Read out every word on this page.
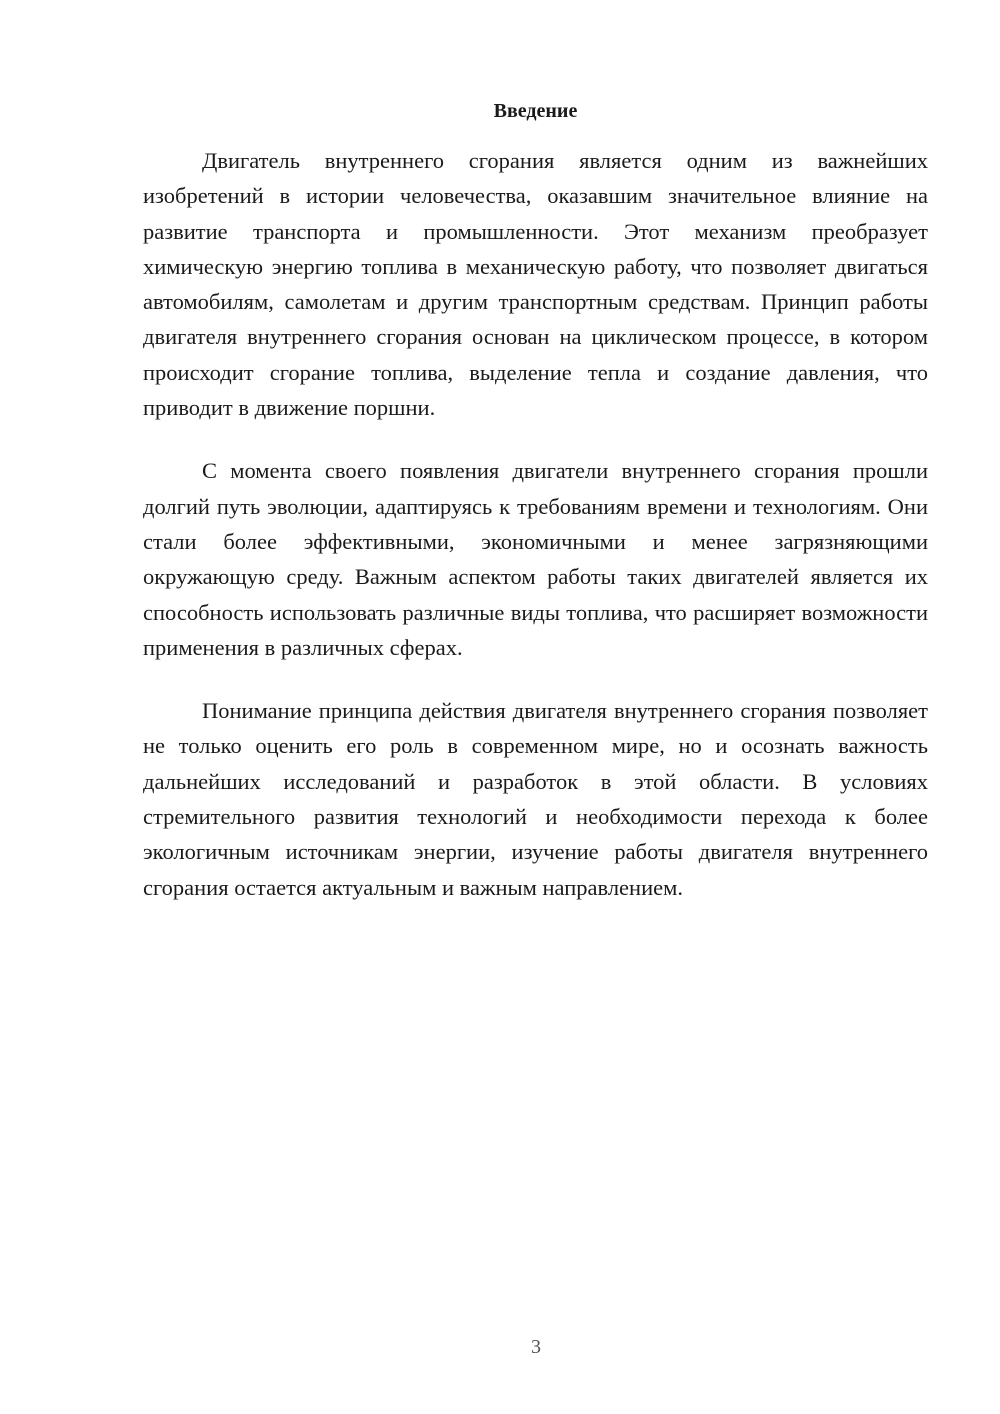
Введение

Двигатель внутреннего сгорания является одним из важнейших изобретений в истории человечества, оказавшим значительное влияние на развитие транспорта и промышленности. Этот механизм преобразует химическую энергию топлива в механическую работу, что позволяет двигаться автомобилям, самолетам и другим транспортным средствам. Принцип работы двигателя внутреннего сгорания основан на циклическом процессе, в котором происходит сгорание топлива, выделение тепла и создание давления, что приводит в движение поршни.

С момента своего появления двигатели внутреннего сгорания прошли долгий путь эволюции, адаптируясь к требованиям времени и технологиям. Они стали более эффективными, экономичными и менее загрязняющими окружающую среду. Важным аспектом работы таких двигателей является их способность использовать различные виды топлива, что расширяет возможности применения в различных сферах.

Понимание принципа действия двигателя внутреннего сгорания позволяет не только оценить его роль в современном мире, но и осознать важность дальнейших исследований и разработок в этой области. В условиях стремительного развития технологий и необходимости перехода к более экологичным источникам энергии, изучение работы двигателя внутреннего сгорания остается актуальным и важным направлением.

3
